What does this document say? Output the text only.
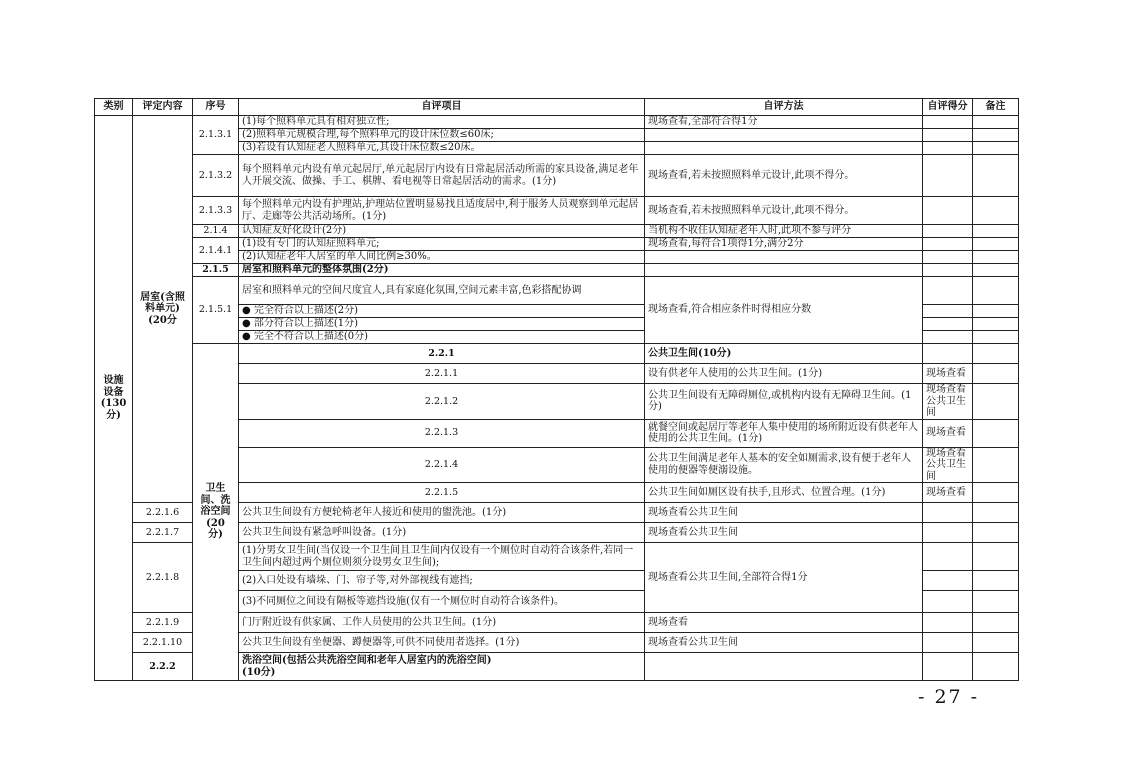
类别	评定内容	序号	自评项目	自评方法	自评得分	备注	
设施
设备
(130
分)	居室(含照
料单元)
(20分	2.1.3.1	(1)每个照料单元具有相对独立性;	现场查看,全部符合得1分			
			(2)照料单元规模合理,每个照料单元的设计床位数≤60床;				
			(3)若设有认知症老人照料单元,其设计床位数≤20床。				
		2.1.3.2	每个照料单元内设有单元起居厅,单元起居厅内设有日常起居活动所需的家具设备,满足老年人开展交流、做操、手工、棋牌、看电视等日常起居活动的需求。(1分)	现场查看,若未按照照料单元设计,此项不得分。			
		2.1.3.3	每个照料单元内设有护理站,护理站位置明显易找且适度居中,利于服务人员观察到单元起居厅、走廊等公共活动场所。(1分)	现场查看,若未按照照料单元设计,此项不得分。			
		2.1.4	认知症友好化设计(2分)	当机构不收住认知症老年人时,此项不参与评分			
		2.1.4.1	(1)设有专门的认知症照料单元;	现场查看,每符合1项得1分,满分2分			
			(2)认知症老年人居室的单人间比例≥30%。				
		2.1.5	居室和照料单元的整体氛围(2分)				
		2.1.5.1	居室和照料单元的空间尺度宜人,具有家庭化氛围,空间元素丰富,色彩搭配协调	现场查看,符合相应条件时得相应分数			
			● 完全符合以上描述(2分)				
			● 部分符合以上描述(1分)				
			● 完全不符合以上描述(0分)				
		卫生间、洗
浴空间(20
分)	2.2.1	公共卫生间(10分)			
			2.2.1.1	设有供老年人使用的公共卫生间。(1分)	现场查看		
			2.2.1.2	公共卫生间设有无障碍厕位,或机构内设有无障碍卫生间。(1分)	现场查看公共卫生间		
			2.2.1.3	就餐空间或起居厅等老年人集中使用的场所附近设有供老年人使用的公共卫生间。(1分)	现场查看		
			2.2.1.4	公共卫生间满足老年人基本的安全如厕需求,设有便于老年人使用的便器等便溺设施。	现场查看公共卫生间		
			2.2.1.5	公共卫生间如厕区设有扶手,且形式、位置合理。(1分)	现场查看		
	2.2.1.6		公共卫生间设有方便轮椅老年人接近和使用的盥洗池。(1分)	现场查看公共卫生间			
	2.2.1.7		公共卫生间设有紧急呼叫设备。(1分)	现场查看公共卫生间			
	2.2.1.8		(1)分男女卫生间(当仅设一个卫生间且卫生间内仅设有一个厕位时自动符合该条件,若同一卫生间内超过两个厕位则须分设男女卫生间);	现场查看公共卫生间,全部符合得1分			
			(2)入口处设有墙垛、门、帘子等,对外部视线有遮挡;				
			(3)不同厕位之间设有隔板等遮挡设施(仅有一个厕位时自动符合该条件)。				
	2.2.1.9		门厅附近设有供家属、工作人员使用的公共卫生间。(1分)	现场查看			
	2.2.1.10		公共卫生间设有坐便器、蹲便器等,可供不同使用者选择。(1分)	现场查看公共卫生间			
	2.2.2		洗浴空间(包括公共洗浴空间和老年人居室内的洗浴空间)
(10分)				
- 27 -
